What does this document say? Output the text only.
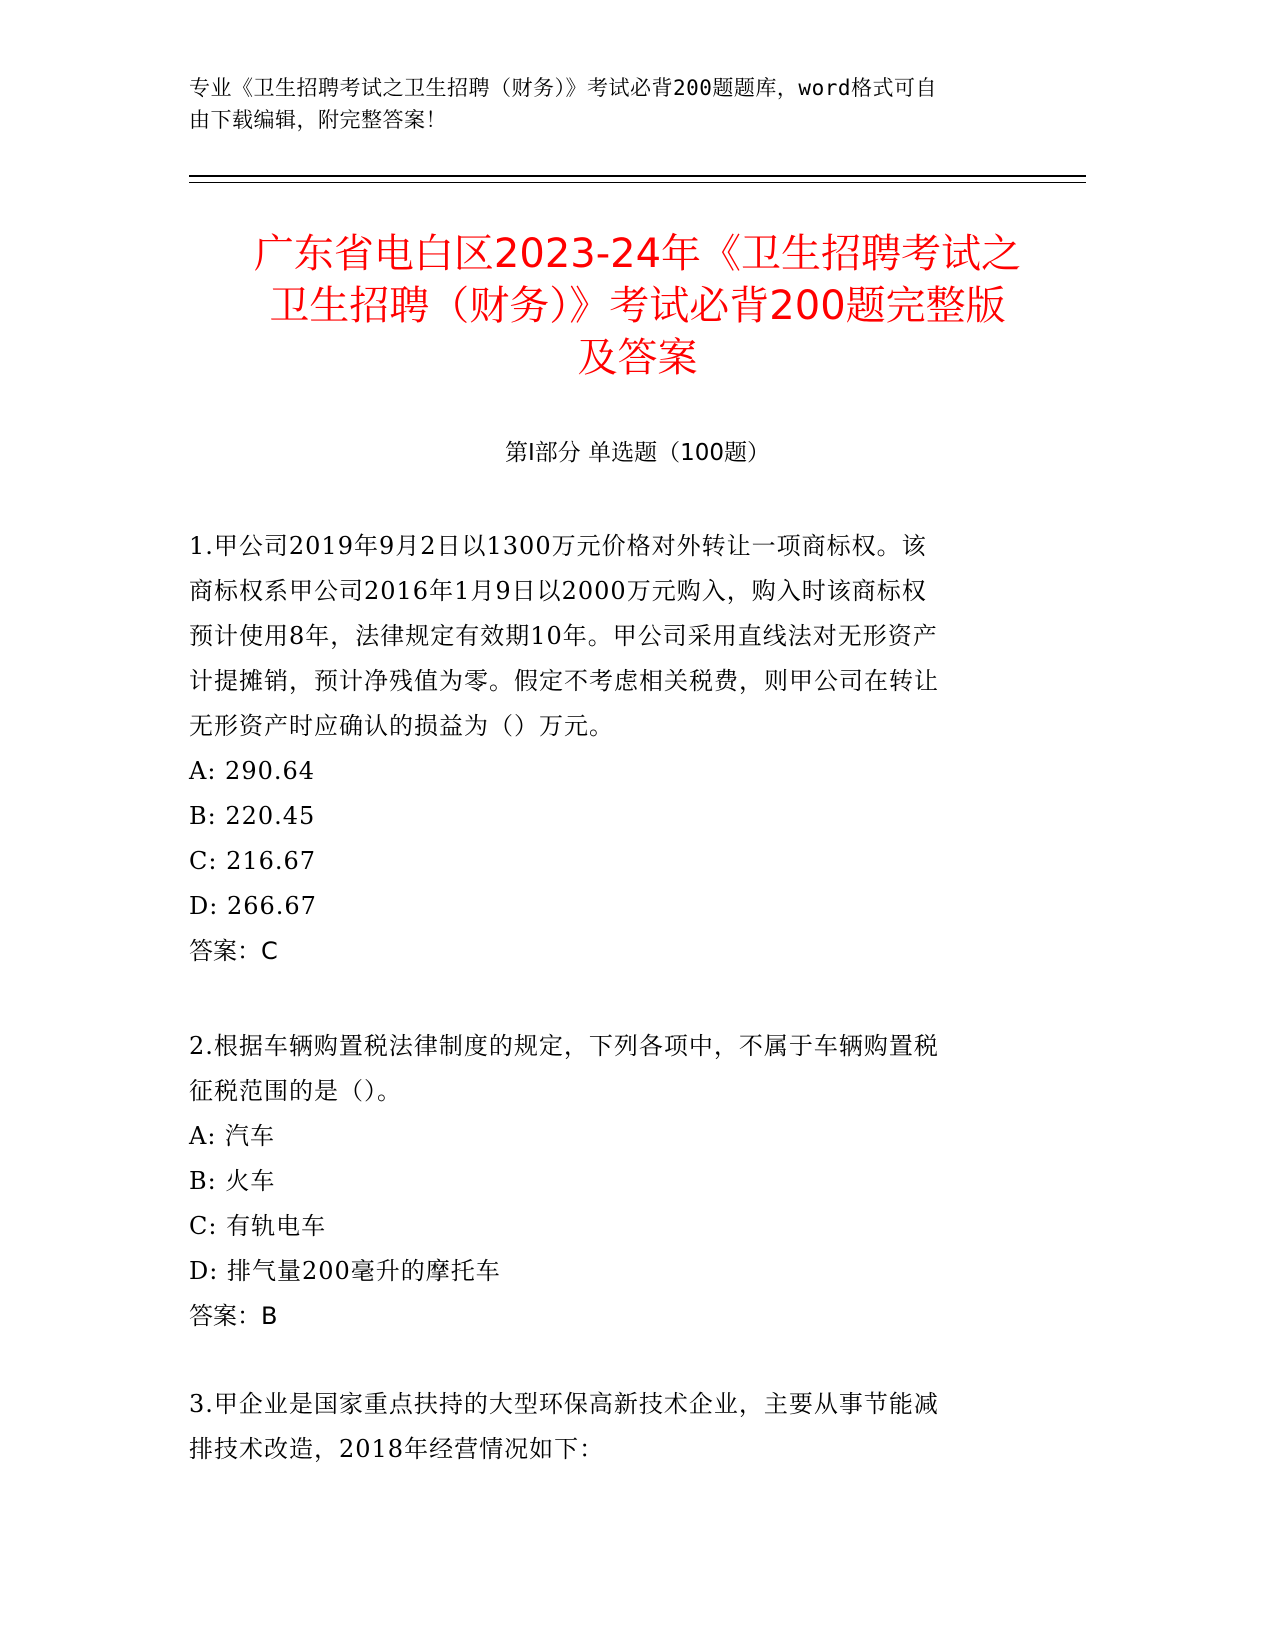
专业《卫生招聘考试之卫生招聘（财务）》考试必背200题题库，word格式可自
由下载编辑，附完整答案！
广东省电白区2023-24年《卫生招聘考试之
卫生招聘（财务）》考试必背200题完整版
及答案
第Ⅰ部分 单选题（100题）
1.甲公司2019年9月2日以1300万元价格对外转让一项商标权。该
商标权系甲公司2016年1月9日以2000万元购入，购入时该商标权
预计使用8年，法律规定有效期10年。甲公司采用直线法对无形资产
计提摊销，预计净残值为零。假定不考虑相关税费，则甲公司在转让
无形资产时应确认的损益为（）万元。
A: 290.64
B: 220.45
C: 216.67
D: 266.67
答案：C
2.根据车辆购置税法律制度的规定，下列各项中，不属于车辆购置税
征税范围的是（）。
A: 汽车
B: 火车
C: 有轨电车
D: 排气量200毫升的摩托车
答案：B
3.甲企业是国家重点扶持的大型环保高新技术企业，主要从事节能减
排技术改造，2018年经营情况如下：
